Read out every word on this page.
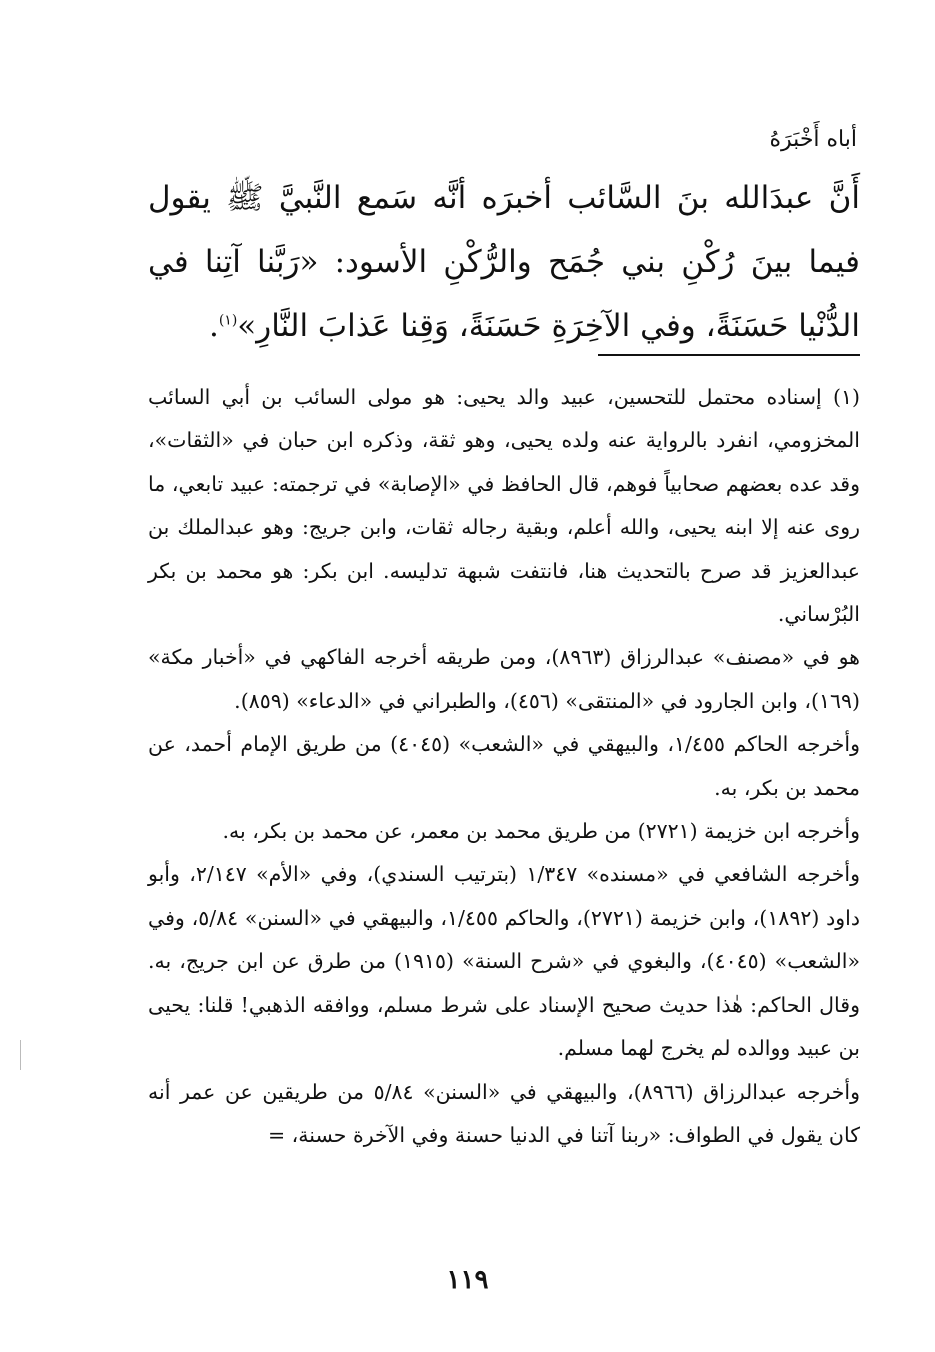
أباه أَخْبَرَهُ

أَنَّ عبدَالله بنَ السَّائب أخبرَه أنَّه سَمع النَّبيَّ ﷺ يقول فيما بينَ رُكْنِ بني جُمَح والرُّكْنِ الأسود: «رَبَّنا آتِنا في الدُّنْيا حَسَنَةً، وفي الآخِرَةِ حَسَنَةً، وَقِنا عَذابَ النَّارِ»$^{(١)}$.

(١) إسناده محتمل للتحسين، عبيد والد يحيى: هو مولى السائب بن أبي السائب المخزومي، انفرد بالرواية عنه ولده يحيى، وهو ثقة، وذكره ابن حبان في «الثقات»، وقد عده بعضهم صحابياً فوهم، قال الحافظ في «الإصابة» في ترجمته: عبيد تابعي، ما روى عنه إلا ابنه يحيى، والله أعلم، وبقية رجاله ثقات، وابن جريج: وهو عبدالملك بن عبدالعزيز قد صرح بالتحديث هنا، فانتفت شبهة تدليسه. ابن بكر: هو محمد بن بكر البُرْساني.

هو في «مصنف» عبدالرزاق (٨٩٦٣)، ومن طريقه أخرجه الفاكهي في «أخبار مكة» (١٦٩)، وابن الجارود في «المنتقى» (٤٥٦)، والطبراني في «الدعاء» (٨٥٩).

وأخرجه الحاكم ١/٤٥٥، والبيهقي في «الشعب» (٤٠٤٥) من طريق الإمام أحمد، عن محمد بن بكر، به.

وأخرجه ابن خزيمة (٢٧٢١) من طريق محمد بن معمر، عن محمد بن بكر، به.

وأخرجه الشافعي في «مسنده» ١/٣٤٧ (بترتيب السندي)، وفي «الأم» ٢/١٤٧، وأبو داود (١٨٩٢)، وابن خزيمة (٢٧٢١)، والحاكم ١/٤٥٥، والبيهقي في «السنن» ٥/٨٤، وفي «الشعب» (٤٠٤٥)، والبغوي في «شرح السنة» (١٩١٥) من طرق عن ابن جريج، به. وقال الحاكم: هٰذا حديث صحيح الإسناد على شرط مسلم، ووافقه الذهبي! قلنا: يحيى بن عبيد ووالده لم يخرج لهما مسلم.

وأخرجه عبدالرزاق (٨٩٦٦)، والبيهقي في «السنن» ٥/٨٤ من طريقين عن عمر أنه كان يقول في الطواف: «ربنا آتنا في الدنيا حسنة وفي الآخرة حسنة، =

١١٩
